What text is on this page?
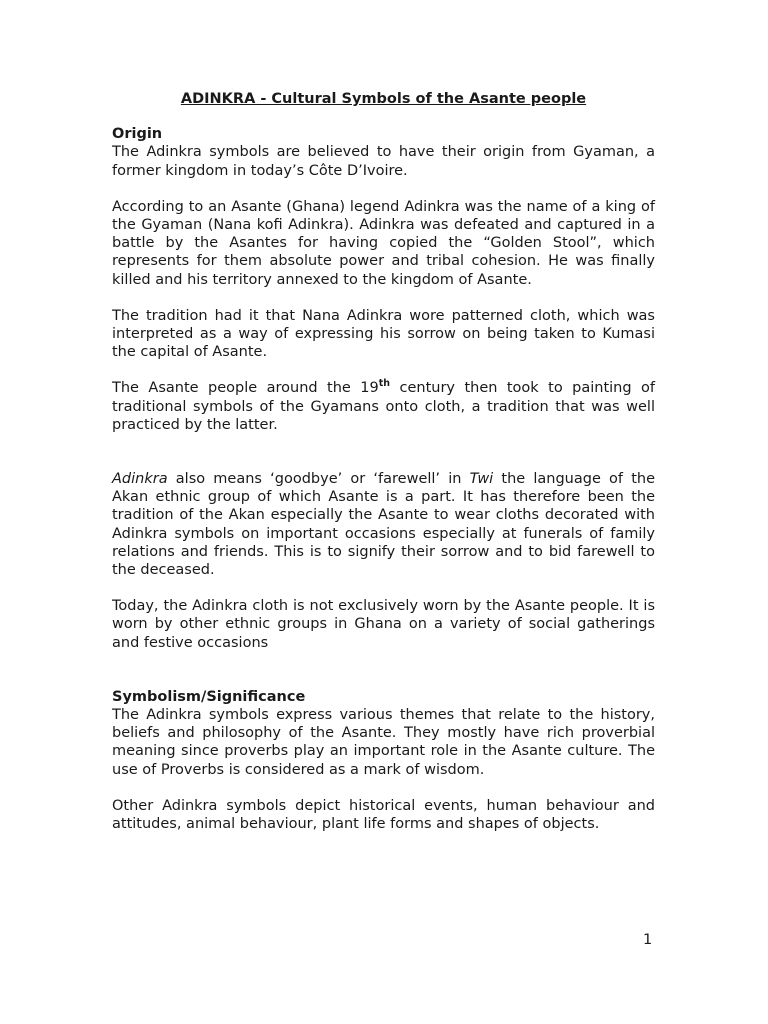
ADINKRA - Cultural Symbols of the Asante people
Origin

The Adinkra symbols are believed to have their origin from Gyaman, a former kingdom in today’s Côte D’Ivoire.

According to an Asante (Ghana) legend Adinkra was the name of a king of the Gyaman (Nana kofi Adinkra). Adinkra was defeated and captured in a battle by the Asantes for having copied the “Golden Stool”, which represents for them absolute power and tribal cohesion. He was finally killed and his territory annexed to the kingdom of Asante.

The tradition had it that Nana Adinkra wore patterned cloth, which was interpreted as a way of expressing his sorrow on being taken to Kumasi the capital of Asante.

The Asante people around the 19th century then took to painting of traditional symbols of the Gyamans onto cloth, a tradition that was well practiced by the latter.

Adinkra also means ‘goodbye’ or ‘farewell’ in Twi the language of the Akan ethnic group of which Asante is a part. It has therefore been the tradition of the Akan especially the Asante to wear cloths decorated with Adinkra symbols on important occasions especially at funerals of family relations and friends. This is to signify their sorrow and to bid farewell to the deceased.

Today, the Adinkra cloth is not exclusively worn by the Asante people. It is worn by other ethnic groups in Ghana on a variety of social gatherings and festive occasions

Symbolism/Significance

The Adinkra symbols express various themes that relate to the history, beliefs and philosophy of the Asante. They mostly have rich proverbial meaning since proverbs play an important role in the Asante culture. The use of Proverbs is considered as a mark of wisdom.

Other Adinkra symbols depict historical events, human behaviour and attitudes, animal behaviour, plant life forms and shapes of objects.

1
